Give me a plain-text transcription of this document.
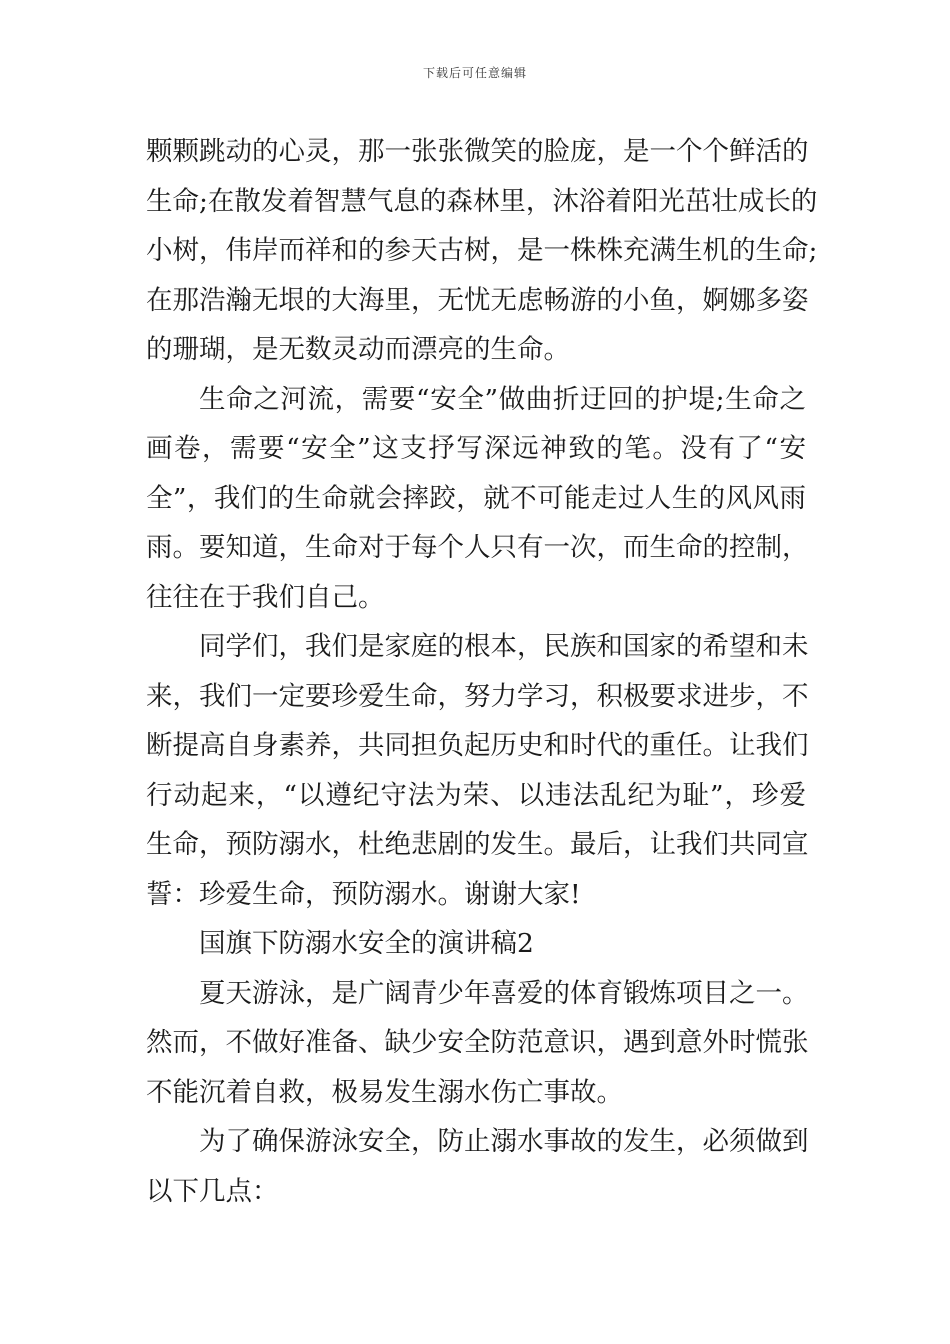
下载后可任意编辑
颗颗跳动的心灵，那一张张微笑的脸庞，是一个个鲜活的
生命;在散发着智慧气息的森林里，沐浴着阳光茁壮成长的
小树，伟岸而祥和的参天古树，是一株株充满生机的生命;
在那浩瀚无垠的大海里，无忧无虑畅游的小鱼，婀娜多姿
的珊瑚，是无数灵动而漂亮的生命。
生命之河流，需要“安全”做曲折迂回的护堤;生命之
画卷，需要“安全”这支抒写深远神致的笔。没有了“安
全”，我们的生命就会摔跤，就不可能走过人生的风风雨
雨。要知道，生命对于每个人只有一次，而生命的控制，
往往在于我们自己。
同学们，我们是家庭的根本，民族和国家的希望和未
来，我们一定要珍爱生命，努力学习，积极要求进步，不
断提高自身素养，共同担负起历史和时代的重任。让我们
行动起来，“以遵纪守法为荣、以违法乱纪为耻”，珍爱
生命，预防溺水，杜绝悲剧的发生。最后，让我们共同宣
誓：珍爱生命，预防溺水。谢谢大家!
国旗下防溺水安全的演讲稿2
夏天游泳，是广阔青少年喜爱的体育锻炼项目之一。
然而，不做好准备、缺少安全防范意识，遇到意外时慌张
不能沉着自救，极易发生溺水伤亡事故。
为了确保游泳安全，防止溺水事故的发生，必须做到
以下几点：
